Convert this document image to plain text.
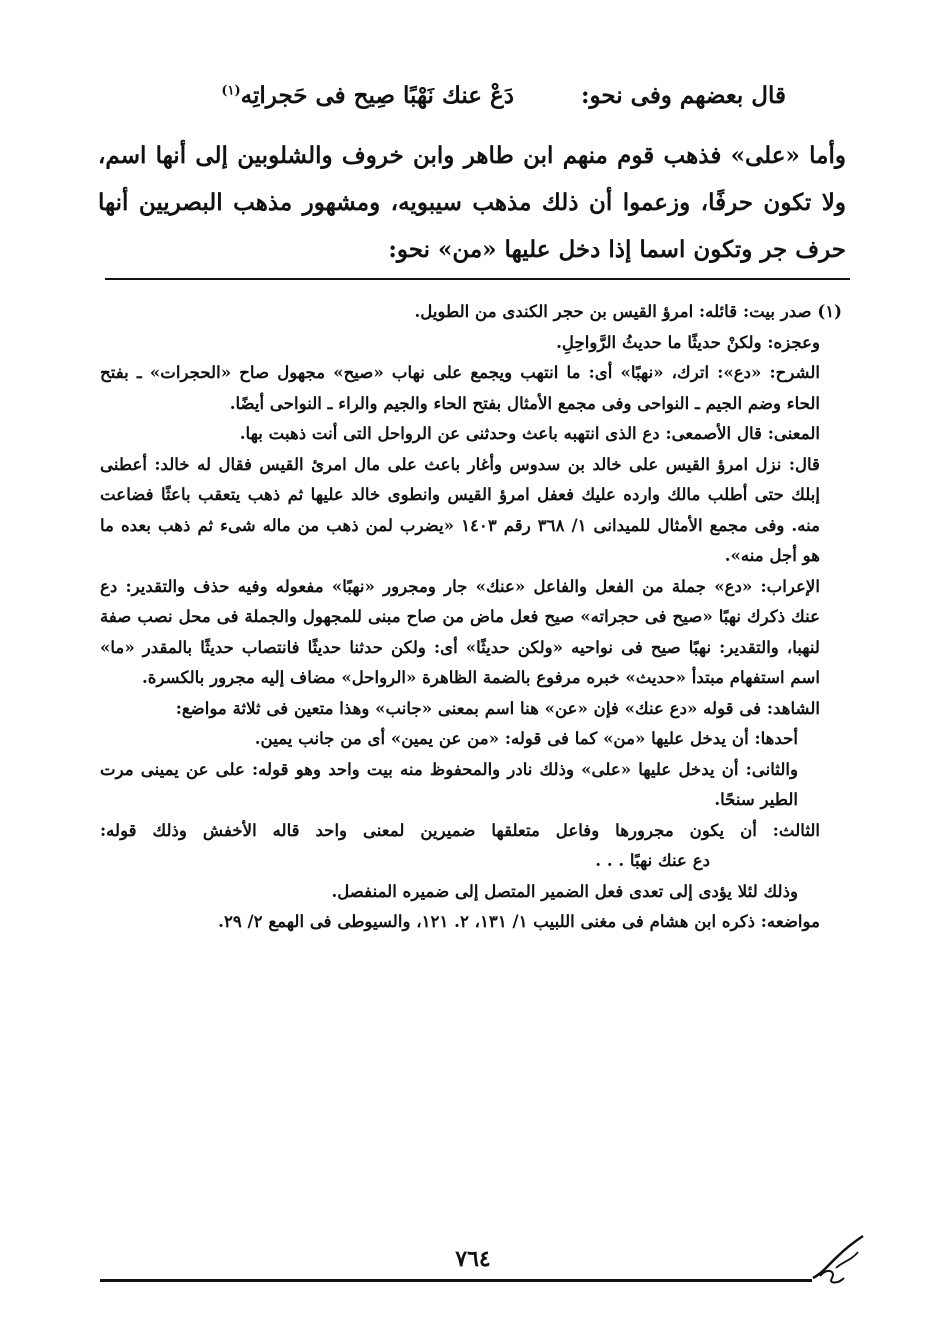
قال بعضهم وفى نحو:
دَعْ عنك نَهْبًا صِيح فى حَجراتِه$^{(١)}$
وأما «على» فذهب قوم منهم ابن طاهر وابن خروف والشلوبين إلى أنها اسم، ولا تكون حرفًا، وزعموا أن ذلك مذهب سيبويه، ومشهور مذهب البصريين أنها حرف جر وتكون اسما إذا دخل عليها «من» نحو:

(١) صدر بيت: قائله: امرؤ القيس بن حجر الكندى من الطويل.

وعجزه: ولكنْ حديثًا ما حديثُ الرَّواحِلِ.

الشرح: «دع»: اترك، «نهبًا» أى: ما انتهب ويجمع على نهاب «صيح» مجهول صاح «الحجرات» ـ بفتح الحاء وضم الجيم ـ النواحى وفى مجمع الأمثال بفتح الحاء والجيم والراء ـ النواحى أيضًا.

المعنى: قال الأصمعى: دع الذى انتهبه باعث وحدثنى عن الرواحل التى أنت ذهبت بها.

قال: نزل امرؤ القيس على خالد بن سدوس وأغار باعث على مال امرئ القيس فقال له خالد: أعطنى إبلك حتى أطلب مالك وارده عليك فعفل امرؤ القيس وانطوى خالد عليها ثم ذهب يتعقب باعثًا فضاعت منه. وفى مجمع الأمثال للميدانى ١/ ٣٦٨ رقم ١٤٠٣ «يضرب لمن ذهب من ماله شىء ثم ذهب بعده ما هو أجل منه».

الإعراب: «دع» جملة من الفعل والفاعل «عنك» جار ومجرور «نهبًا» مفعوله وفيه حذف والتقدير: دع عنك ذكرك نهبًا «صيح فى حجراته» صيح فعل ماض من صاح مبنى للمجهول والجملة فى محل نصب صفة لنهبا، والتقدير: نهبًا صيح فى نواحيه «ولكن حديثًا» أى: ولكن حدثنا حديثًا فانتصاب حديثًا بالمقدر «ما» اسم استفهام مبتدأ «حديث» خبره مرفوع بالضمة الظاهرة «الرواحل» مضاف إليه مجرور بالكسرة.

الشاهد: فى قوله «دع عنك» فإن «عن» هنا اسم بمعنى «جانب» وهذا متعين فى ثلاثة مواضع:

أحدها: أن يدخل عليها «من» كما فى قوله: «من عن يمين» أى من جانب يمين.

والثانى: أن يدخل عليها «على» وذلك نادر والمحفوظ منه بيت واحد وهو قوله: على عن يمينى مرت الطير سنحًا.

الثالث: أن يكون مجرورها وفاعل متعلقها ضميرين لمعنى واحد قاله الأخفش وذلك قوله: دع عنك نهبًا . . .

وذلك لئلا يؤدى إلى تعدى فعل الضمير المتصل إلى ضميره المنفصل.

مواضعه: ذكره ابن هشام فى مغنى اللبيب ١/ ١٣١، ٢. ١٢١، والسيوطى فى الهمع ٢/ ٢٩.

٧٦٤
